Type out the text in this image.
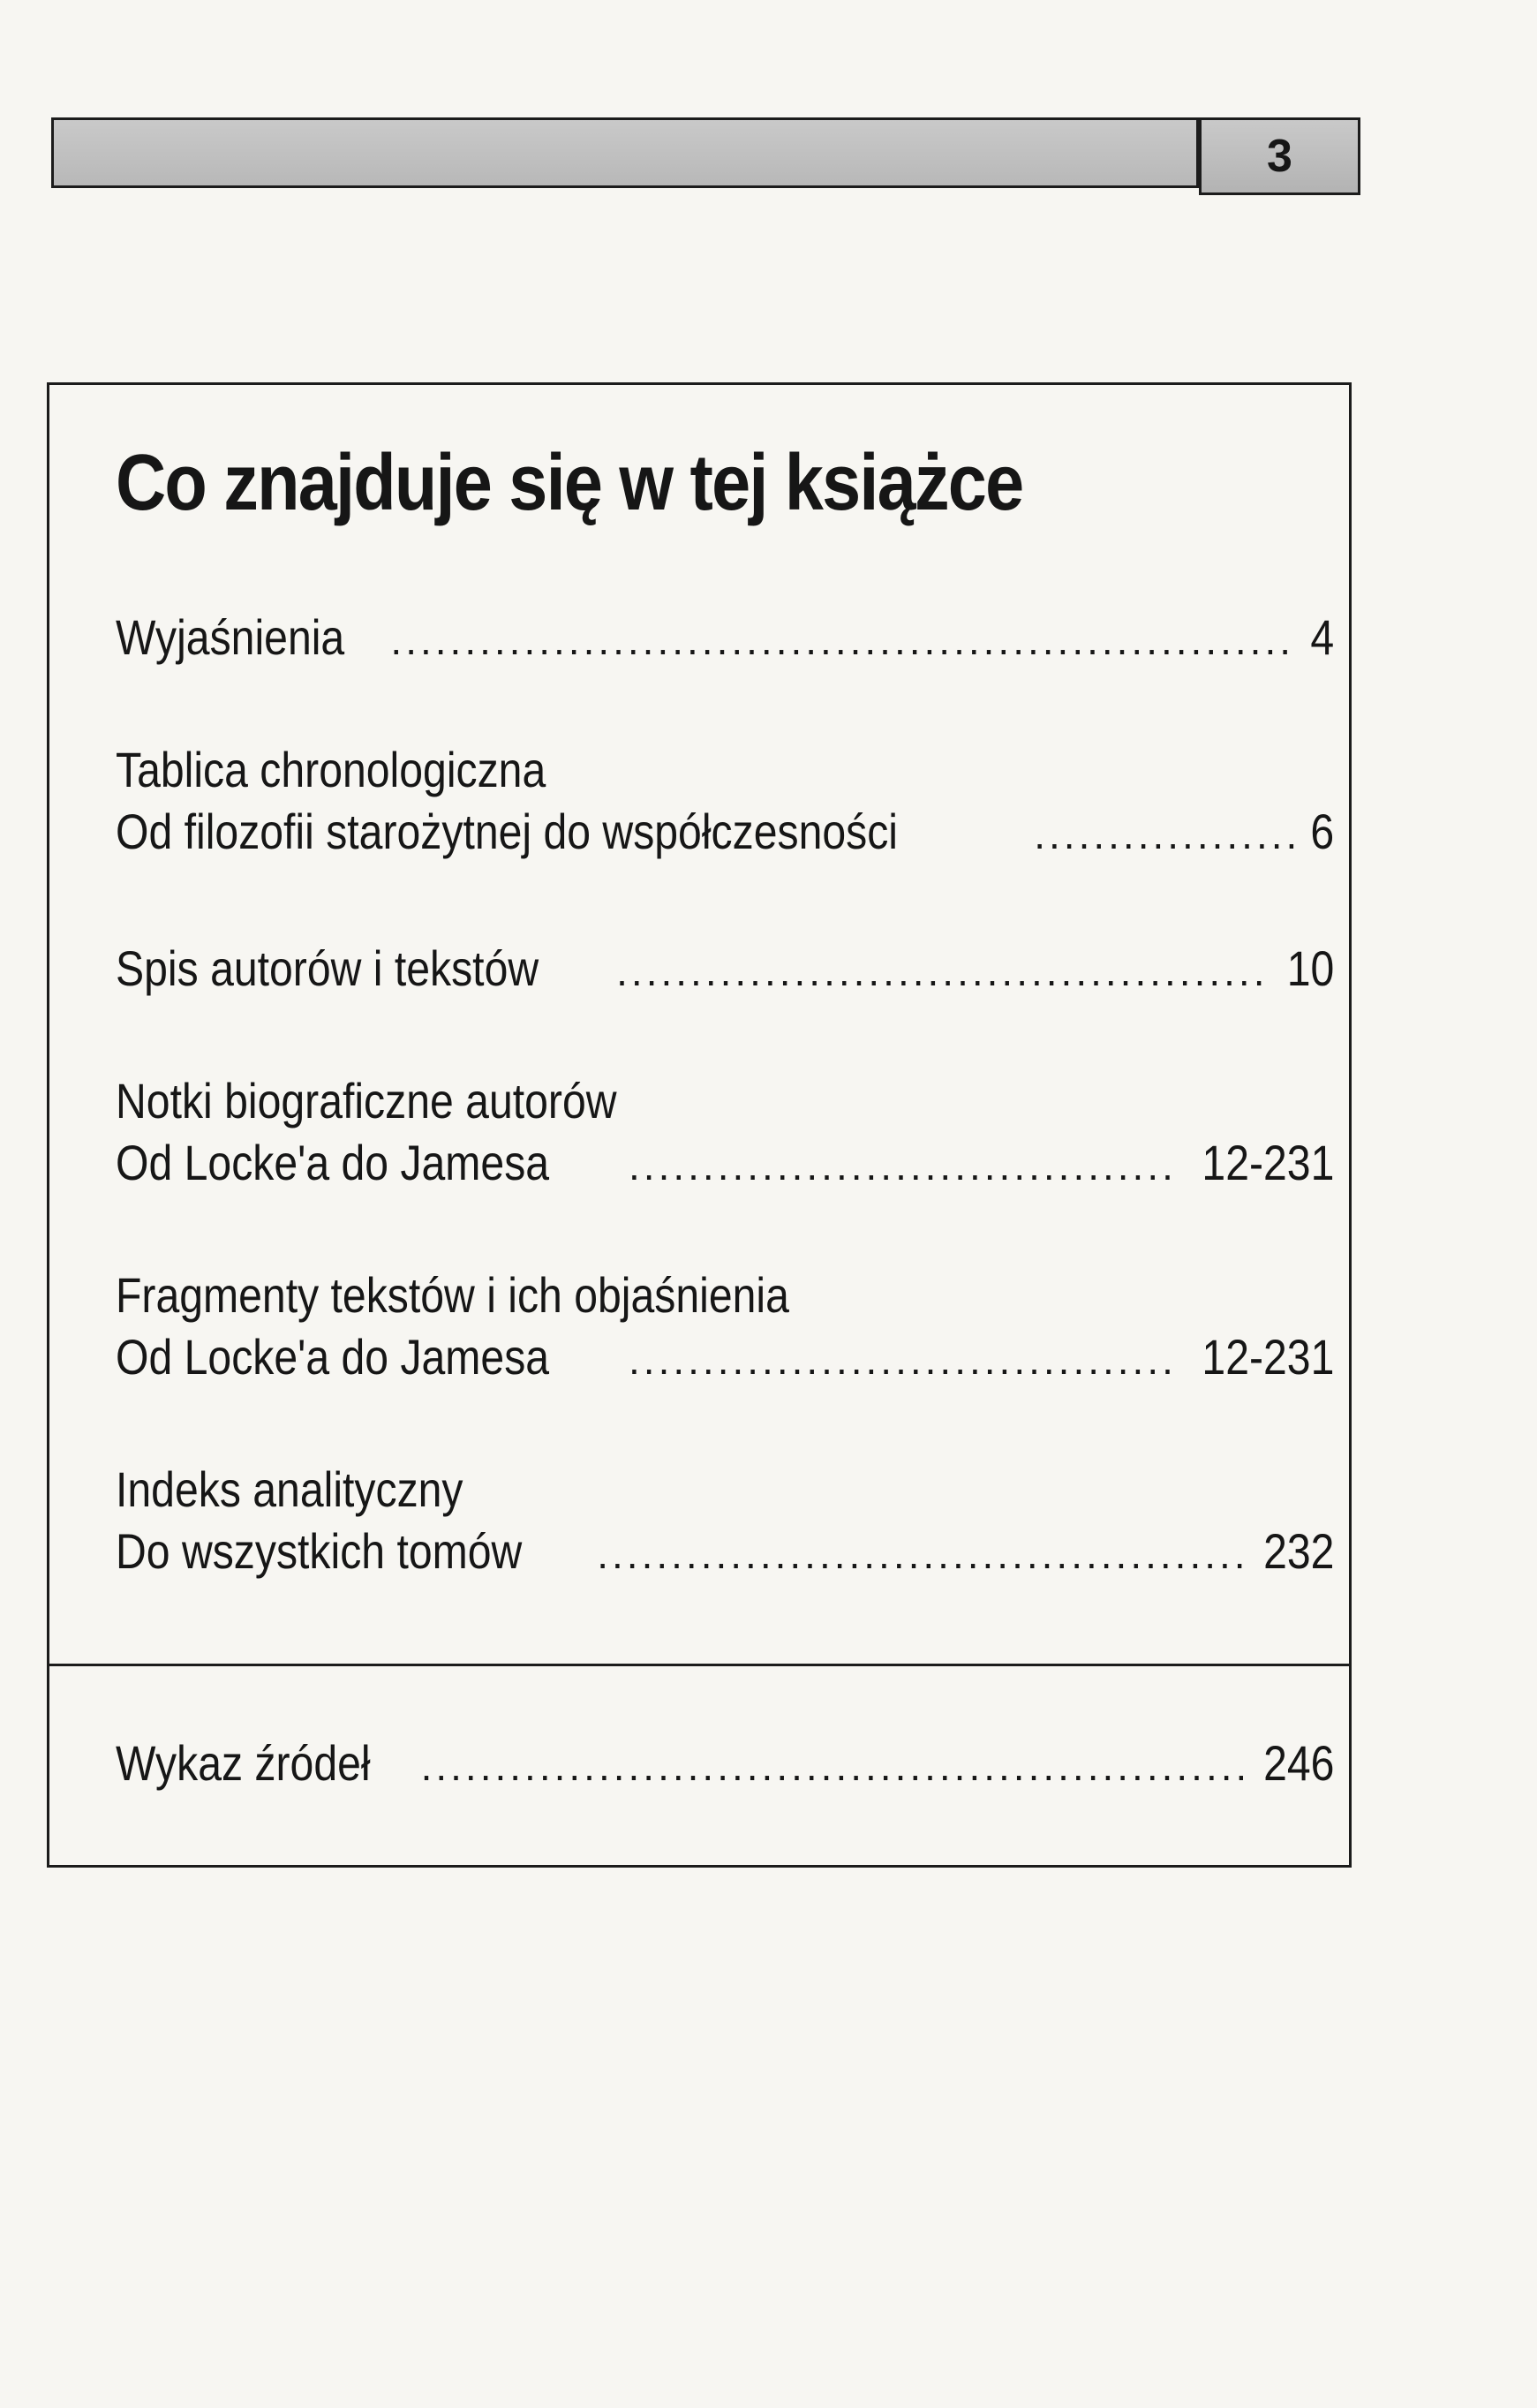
3
Co znajduje się w tej książce
Wyjaśnienia .....	4
Tablica chronologiczna
Od filozofii starożytnej do współczesności .....	6
Spis autorów i tekstów .....	10
Notki biograficzne autorów
Od Locke'a do Jamesa .....	12-231
Fragmenty tekstów i ich objaśnienia
Od Locke'a do Jamesa .....	12-231
Indeks analityczny
Do wszystkich tomów .....	232
Wykaz źródeł .....	246
